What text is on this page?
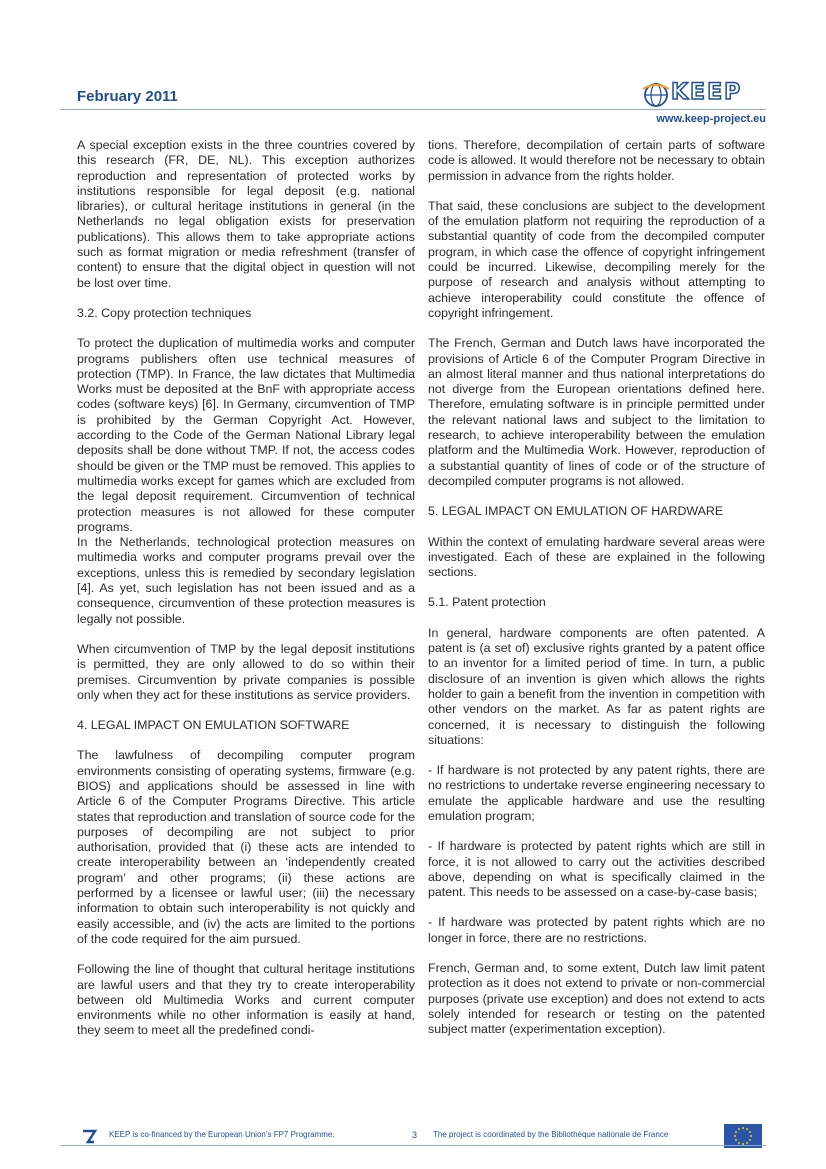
February 2011	KEEP
www.keep-project.eu

A special exception exists in the three countries covered by this research (FR, DE, NL). This exception authorizes reproduction and representation of protected works by institutions responsible for legal deposit (e.g. national libraries), or cultural heritage institutions in general (in the Netherlands no legal obligation exists for preservation publications). This allows them to take appropriate actions such as format migration or media refreshment (transfer of content) to ensure that the digital object in question will not be lost over time.

3.2. Copy protection techniques

To protect the duplication of multimedia works and computer programs publishers often use technical measures of protection (TMP). In France, the law dictates that Multimedia Works must be deposited at the BnF with appropriate access codes (software keys) [6]. In Germany, circumvention of TMP is prohibited by the German Copyright Act. However, according to the Code of the German National Library legal deposits shall be done without TMP. If not, the access codes should be given or the TMP must be removed. This applies to multimedia works except for games which are excluded from the legal deposit requirement. Circumvention of technical protection measures is not allowed for these computer programs.

In the Netherlands, technological protection measures on multimedia works and computer programs prevail over the exceptions, unless this is remedied by secondary legislation [4]. As yet, such legislation has not been issued and as a consequence, circumvention of these protection measures is legally not possible.

When circumvention of TMP by the legal deposit institutions is permitted, they are only allowed to do so within their premises. Circumvention by private companies is possible only when they act for these institutions as service providers.

4. LEGAL IMPACT ON EMULATION SOFTWARE

The lawfulness of decompiling computer program environments consisting of operating systems, firmware (e.g. BIOS) and applications should be assessed in line with Article 6 of the Computer Programs Directive. This article states that reproduction and translation of source code for the purposes of decompiling are not subject to prior authorisation, provided that (i) these acts are intended to create interoperability between an ‘independently created program’ and other programs; (ii) these actions are performed by a licensee or lawful user; (iii) the necessary information to obtain such interoperability is not quickly and easily accessible, and (iv) the acts are limited to the portions of the code required for the aim pursued.

Following the line of thought that cultural heritage institutions are lawful users and that they try to create interoperability between old Multimedia Works and current computer environments while no other information is easily at hand, they seem to meet all the predefined condi-

tions. Therefore, decompilation of certain parts of software code is allowed. It would therefore not be necessary to obtain permission in advance from the rights holder.

That said, these conclusions are subject to the development of the emulation platform not requiring the reproduction of a substantial quantity of code from the decompiled computer program, in which case the offence of copyright infringement could be incurred. Likewise, decompiling merely for the purpose of research and analysis without attempting to achieve interoperability could constitute the offence of copyright infringement.

The French, German and Dutch laws have incorporated the provisions of Article 6 of the Computer Program Directive in an almost literal manner and thus national interpretations do not diverge from the European orientations defined here. Therefore, emulating software is in principle permitted under the relevant national laws and subject to the limitation to research, to achieve interoperability between the emulation platform and the Multimedia Work. However, reproduction of a substantial quantity of lines of code or of the structure of decompiled computer programs is not allowed.

5. LEGAL IMPACT ON EMULATION OF HARDWARE

Within the context of emulating hardware several areas were investigated. Each of these are explained in the following sections.

5.1. Patent protection

In general, hardware components are often patented. A patent is (a set of) exclusive rights granted by a patent office to an inventor for a limited period of time. In turn, a public disclosure of an invention is given which allows the rights holder to gain a benefit from the invention in competition with other vendors on the market. As far as patent rights are concerned, it is necessary to distinguish the following situations:

- If hardware is not protected by any patent rights, there are no restrictions to undertake reverse engineering necessary to emulate the applicable hardware and use the resulting emulation program;

- If hardware is protected by patent rights which are still in force, it is not allowed to carry out the activities described above, depending on what is specifically claimed in the patent. This needs to be assessed on a case-by-case basis;

- If hardware was protected by patent rights which are no longer in force, there are no restrictions.

French, German and, to some extent, Dutch law limit patent protection as it does not extend to private or non-commercial purposes (private use exception) and does not extend to acts solely intended for research or testing on the patented subject matter (experimentation exception).

KEEP is co-financed by the European Union’s FP7 Programme.	3 The project is coordinated by the Bibliothèque nationale de France
